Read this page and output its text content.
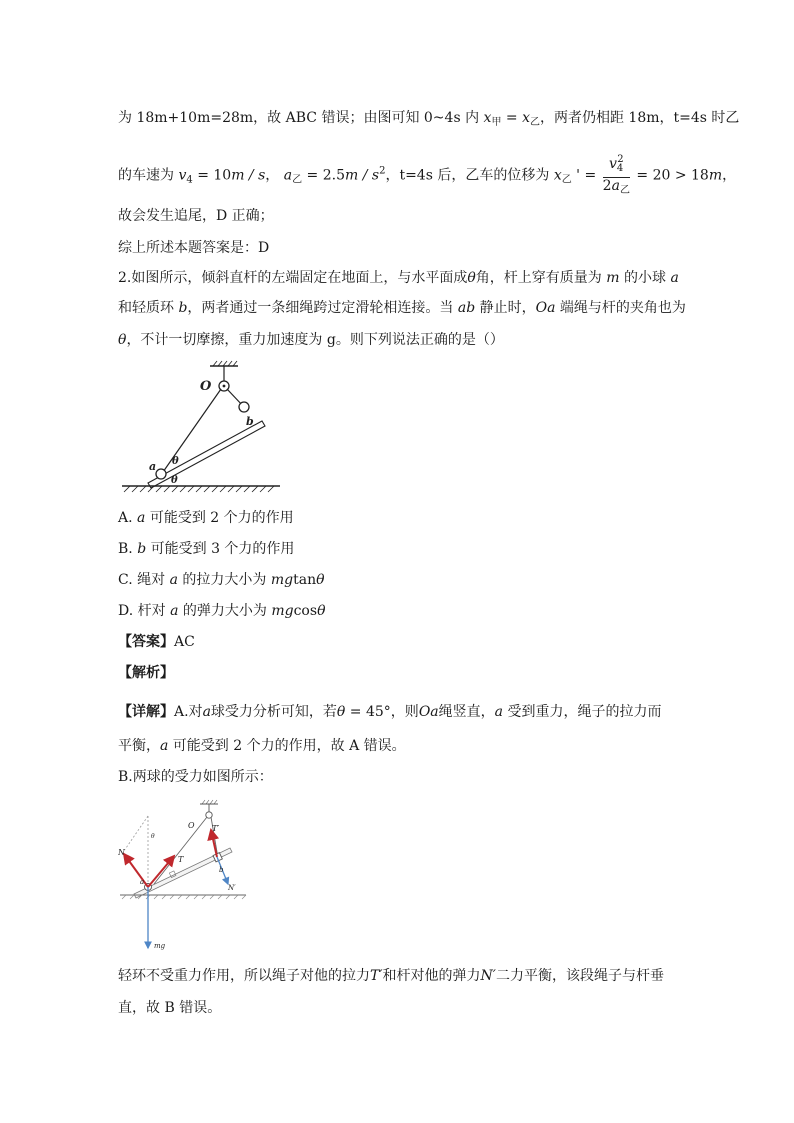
为 18m+10m=28m，故 ABC 错误；由图可知 0~4s 内 $x_甲 = x_乙$，两者仍相距 18m，t=4s 时乙
的车速为 $v_4 = 10m / s$， $a_乙 = 2.5m / s^2$，t=4s 后，乙车的位移为 $x_乙$ ' = $\frac{v_4^2}{2a_乙} = 20 > 18m$，
故会发生追尾，D 正确；
综上所述本题答案是：D
2.如图所示，倾斜直杆的左端固定在地面上，与水平面成θ角，杆上穿有质量为 m 的小球 a
和轻质环 b，两者通过一条细绳跨过定滑轮相连接。当 ab 静止时，Oa 端绳与杆的夹角也为
θ，不计一切摩擦，重力加速度为 g。则下列说法正确的是（）
O
a
b
θ
θ
A. a 可能受到 2 个力的作用
B. b 可能受到 3 个力的作用
C. 绳对 a 的拉力大小为 mgtanθ
D. 杆对 a 的弹力大小为 mgcosθ
【答案】AC
【解析】
【详解】A.对a球受力分析可知，若θ = 45°，则Oa绳竖直，a 受到重力，绳子的拉力而
平衡，a 可能受到 2 个力的作用，故 A 错误。
B.两球的受力如图所示：
O
T
T′
N
N′
mg
a
b
θ
轻环不受重力作用，所以绳子对他的拉力T′和杆对他的弹力N′二力平衡，该段绳子与杆垂
直，故 B 错误。
